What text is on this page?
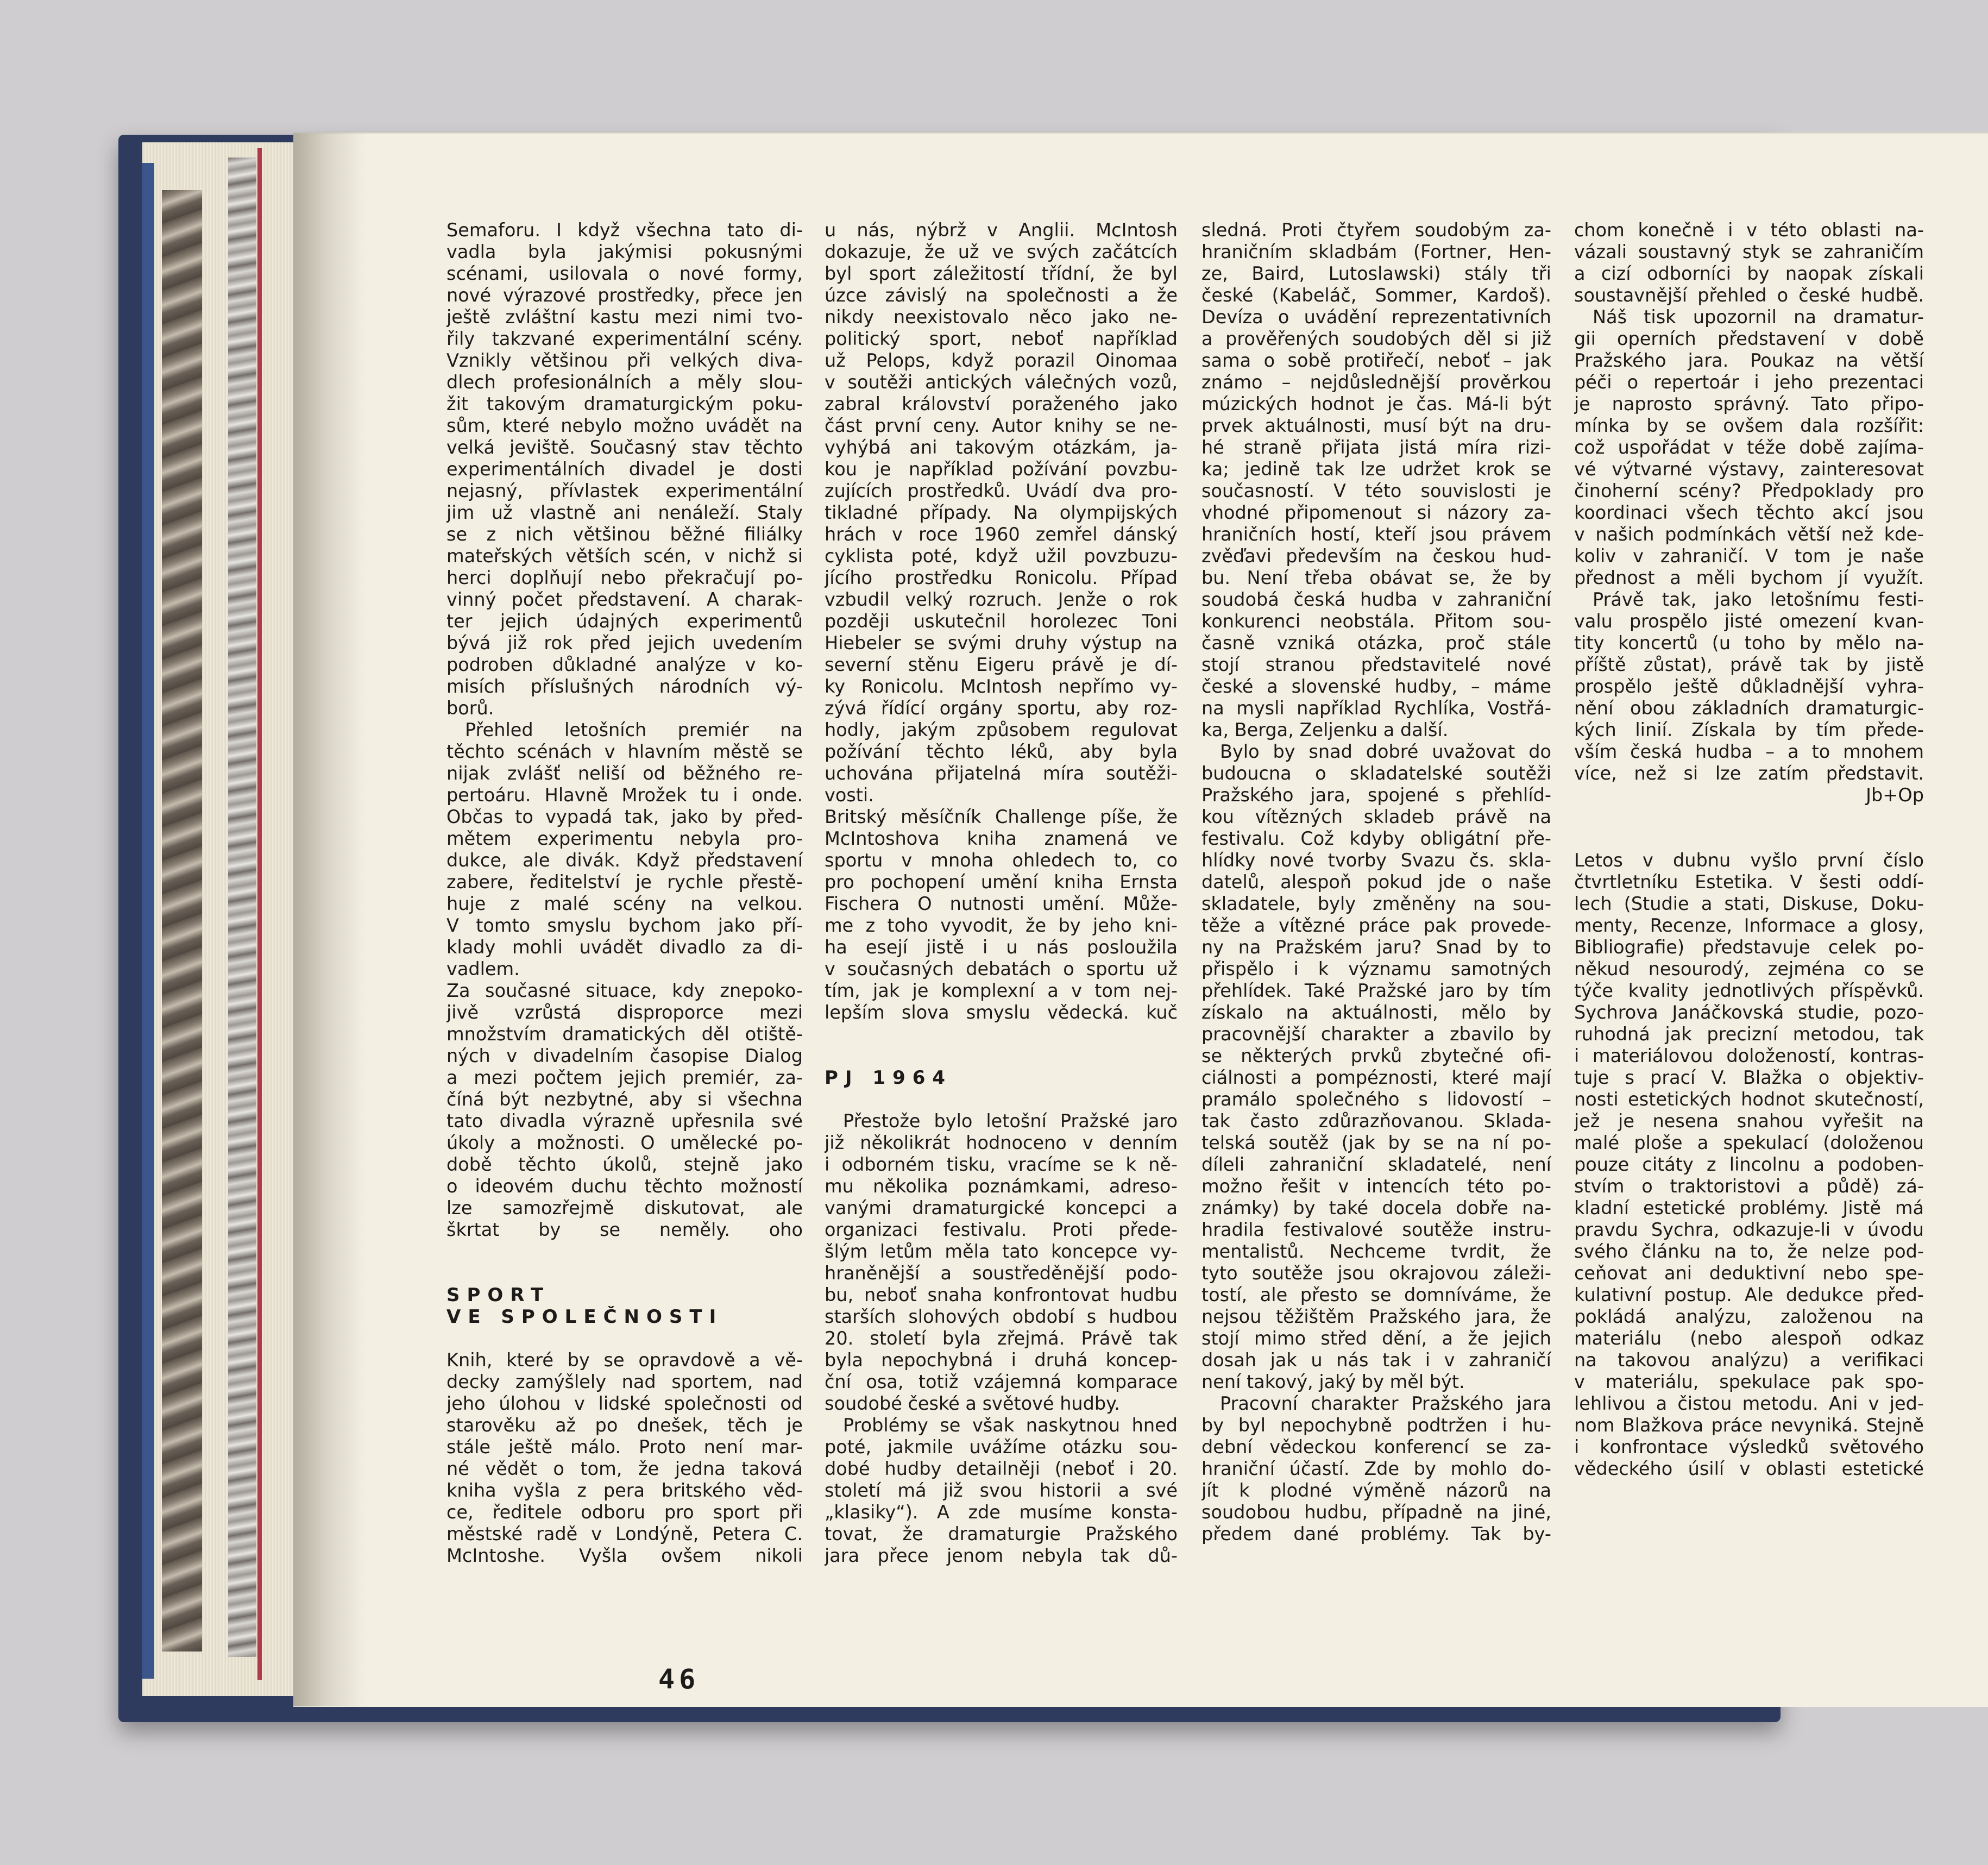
Semaforu. I když všechna tato di-
vadla byla jakýmisi pokusnými
scénami, usilovala o nové formy,
nové výrazové prostředky, přece jen
ještě zvláštní kastu mezi nimi tvo-
řily takzvané experimentální scény.
Vznikly většinou při velkých diva-
dlech profesionálních a měly slou-
žit takovým dramaturgickým poku-
sům, které nebylo možno uvádět na
velká jeviště. Současný stav těchto
experimentálních divadel je dosti
nejasný, přívlastek experimentální
jim už vlastně ani nenáleží. Staly
se z nich většinou běžné filiálky
mateřských větších scén, v nichž si
herci doplňují nebo překračují po-
vinný počet představení. A charak-
ter jejich údajných experimentů
bývá již rok před jejich uvedením
podroben důkladné analýze v ko-
misích příslušných národních vý-
borů.
Přehled letošních premiér na
těchto scénách v hlavním městě se
nijak zvlášť neliší od běžného re-
pertoáru. Hlavně Mrožek tu i onde.
Občas to vypadá tak, jako by před-
mětem experimentu nebyla pro-
dukce, ale divák. Když představení
zabere, ředitelství je rychle přestě-
huje z malé scény na velkou.
V tomto smyslu bychom jako pří-
klady mohli uvádět divadlo za di-
vadlem.
Za současné situace, kdy znepoko-
jivě vzrůstá disproporce mezi
množstvím dramatických děl otiště-
ných v divadelním časopise Dialog
a mezi počtem jejich premiér, za-
číná být nezbytné, aby si všechna
tato divadla výrazně upřesnila své
úkoly a možnosti. O umělecké po-
době těchto úkolů, stejně jako
o ideovém duchu těchto možností
lze samozřejmě diskutovat, ale
škrtat by se neměly. oho
SPORT
VE SPOLEČNOSTI
Knih, které by se opravdově a vě-
decky zamýšlely nad sportem, nad
jeho úlohou v lidské společnosti od
starověku až po dnešek, těch je
stále ještě málo. Proto není mar-
né vědět o tom, že jedna taková
kniha vyšla z pera britského věd-
ce, ředitele odboru pro sport při
městské radě v Londýně, Petera C.
McIntoshe. Vyšla ovšem nikoli
u nás, nýbrž v Anglii. McIntosh
dokazuje, že už ve svých začátcích
byl sport záležitostí třídní, že byl
úzce závislý na společnosti a že
nikdy neexistovalo něco jako ne-
politický sport, neboť například
už Pelops, když porazil Oinomaa
v soutěži antických válečných vozů,
zabral království poraženého jako
část první ceny. Autor knihy se ne-
vyhýbá ani takovým otázkám, ja-
kou je například požívání povzbu-
zujících prostředků. Uvádí dva pro-
tikladné případy. Na olympijských
hrách v roce 1960 zemřel dánský
cyklista poté, když užil povzbuzu-
jícího prostředku Ronicolu. Případ
vzbudil velký rozruch. Jenže o rok
později uskutečnil horolezec Toni
Hiebeler se svými druhy výstup na
severní stěnu Eigeru právě je dí-
ky Ronicolu. McIntosh nepřímo vy-
zývá řídící orgány sportu, aby roz-
hodly, jakým způsobem regulovat
požívání těchto léků, aby byla
uchována přijatelná míra soutěži-
vosti.
Britský měsíčník Challenge píše, že
McIntoshova kniha znamená ve
sportu v mnoha ohledech to, co
pro pochopení umění kniha Ernsta
Fischera O nutnosti umění. Může-
me z toho vyvodit, že by jeho kni-
ha esejí jistě i u nás posloužila
v současných debatách o sportu už
tím, jak je komplexní a v tom nej-
lepším slova smyslu vědecká. kuč
PJ 1964
Přestože bylo letošní Pražské jaro
již několikrát hodnoceno v denním
i odborném tisku, vracíme se k ně-
mu několika poznámkami, adreso-
vanými dramaturgické koncepci a
organizaci festivalu. Proti přede-
šlým letům měla tato koncepce vy-
hraněnější a soustředěnější podo-
bu, neboť snaha konfrontovat hudbu
starších slohových období s hudbou
20. století byla zřejmá. Právě tak
byla nepochybná i druhá koncep-
ční osa, totiž vzájemná komparace
soudobé české a světové hudby.
Problémy se však naskytnou hned
poté, jakmile uvážíme otázku sou-
dobé hudby detailněji (neboť i 20.
století má již svou historii a své
„klasiky“). A zde musíme konsta-
tovat, že dramaturgie Pražského
jara přece jenom nebyla tak dů-
sledná. Proti čtyřem soudobým za-
hraničním skladbám (Fortner, Hen-
ze, Baird, Lutoslawski) stály tři
české (Kabeláč, Sommer, Kardoš).
Devíza o uvádění reprezentativních
a prověřených soudobých děl si již
sama o sobě protiřečí, neboť – jak
známo – nejdůslednější prověrkou
múzických hodnot je čas. Má-li být
prvek aktuálnosti, musí být na dru-
hé straně přijata jistá míra rizi-
ka; jedině tak lze udržet krok se
současností. V této souvislosti je
vhodné připomenout si názory za-
hraničních hostí, kteří jsou právem
zvěďavi především na českou hud-
bu. Není třeba obávat se, že by
soudobá česká hudba v zahraniční
konkurenci neobstála. Přitom sou-
časně vzniká otázka, proč stále
stojí stranou představitelé nové
české a slovenské hudby, – máme
na mysli například Rychlíka, Vostřá-
ka, Berga, Zeljenku a další.
Bylo by snad dobré uvažovat do
budoucna o skladatelské soutěži
Pražského jara, spojené s přehlíd-
kou vítězných skladeb právě na
festivalu. Což kdyby obligátní pře-
hlídky nové tvorby Svazu čs. skla-
datelů, alespoň pokud jde o naše
skladatele, byly změněny na sou-
těže a vítězné práce pak provede-
ny na Pražském jaru? Snad by to
přispělo i k významu samotných
přehlídek. Také Pražské jaro by tím
získalo na aktuálnosti, mělo by
pracovnější charakter a zbavilo by
se některých prvků zbytečné ofi-
ciálnosti a pompéznosti, které mají
pramálo společného s lidovostí –
tak často zdůrazňovanou. Sklada-
telská soutěž (jak by se na ní po-
díleli zahraniční skladatelé, není
možno řešit v intencích této po-
známky) by také docela dobře na-
hradila festivalové soutěže instru-
mentalistů. Nechceme tvrdit, že
tyto soutěže jsou okrajovou záleži-
tostí, ale přesto se domníváme, že
nejsou těžištěm Pražského jara, že
stojí mimo střed dění, a že jejich
dosah jak u nás tak i v zahraničí
není takový, jaký by měl být.
Pracovní charakter Pražského jara
by byl nepochybně podtržen i hu-
dební vědeckou konferencí se za-
hraniční účastí. Zde by mohlo do-
jít k plodné výměně názorů na
soudobou hudbu, případně na jiné,
předem dané problémy. Tak by-
chom konečně i v této oblasti na-
vázali soustavný styk se zahraničím
a cizí odborníci by naopak získali
soustavnější přehled o české hudbě.
Náš tisk upozornil na dramatur-
gii operních představení v době
Pražského jara. Poukaz na větší
péči o repertoár i jeho prezentaci
je naprosto správný. Tato připo-
mínka by se ovšem dala rozšířit:
což uspořádat v téže době zajíma-
vé výtvarné výstavy, zainteresovat
činoherní scény? Předpoklady pro
koordinaci všech těchto akcí jsou
v našich podmínkách větší než kde-
koliv v zahraničí. V tom je naše
přednost a měli bychom jí využít.
Právě tak, jako letošnímu festi-
valu prospělo jisté omezení kvan-
tity koncertů (u toho by mělo na-
příště zůstat), právě tak by jistě
prospělo ještě důkladnější vyhra-
nění obou základních dramaturgic-
kých linií. Získala by tím přede-
vším česká hudba – a to mnohem
více, než si lze zatím představit.
Jb+Op
Letos v dubnu vyšlo první číslo
čtvrtletníku Estetika. V šesti oddí-
lech (Studie a stati, Diskuse, Doku-
menty, Recenze, Informace a glosy,
Bibliografie) představuje celek po-
někud nesourodý, zejména co se
týče kvality jednotlivých příspěvků.
Sychrova Janáčkovská studie, pozo-
ruhodná jak precizní metodou, tak
i materiálovou doložeností, kontras-
tuje s prací V. Blažka o objektiv-
nosti estetických hodnot skutečností,
jež je nesena snahou vyřešit na
malé ploše a spekulací (doloženou
pouze citáty z lincolnu a podoben-
stvím o traktoristovi a půdě) zá-
kladní estetické problémy. Jistě má
pravdu Sychra, odkazuje-li v úvodu
svého článku na to, že nelze pod-
ceňovat ani deduktivní nebo spe-
kulativní postup. Ale dedukce před-
pokládá analýzu, založenou na
materiálu (nebo alespoň odkaz
na takovou analýzu) a verifikaci
v materiálu, spekulace pak spo-
lehlivou a čistou metodu. Ani v jed-
nom Blažkova práce nevyniká. Stejně
i konfrontace výsledků světového
vědeckého úsilí v oblasti estetické
46
